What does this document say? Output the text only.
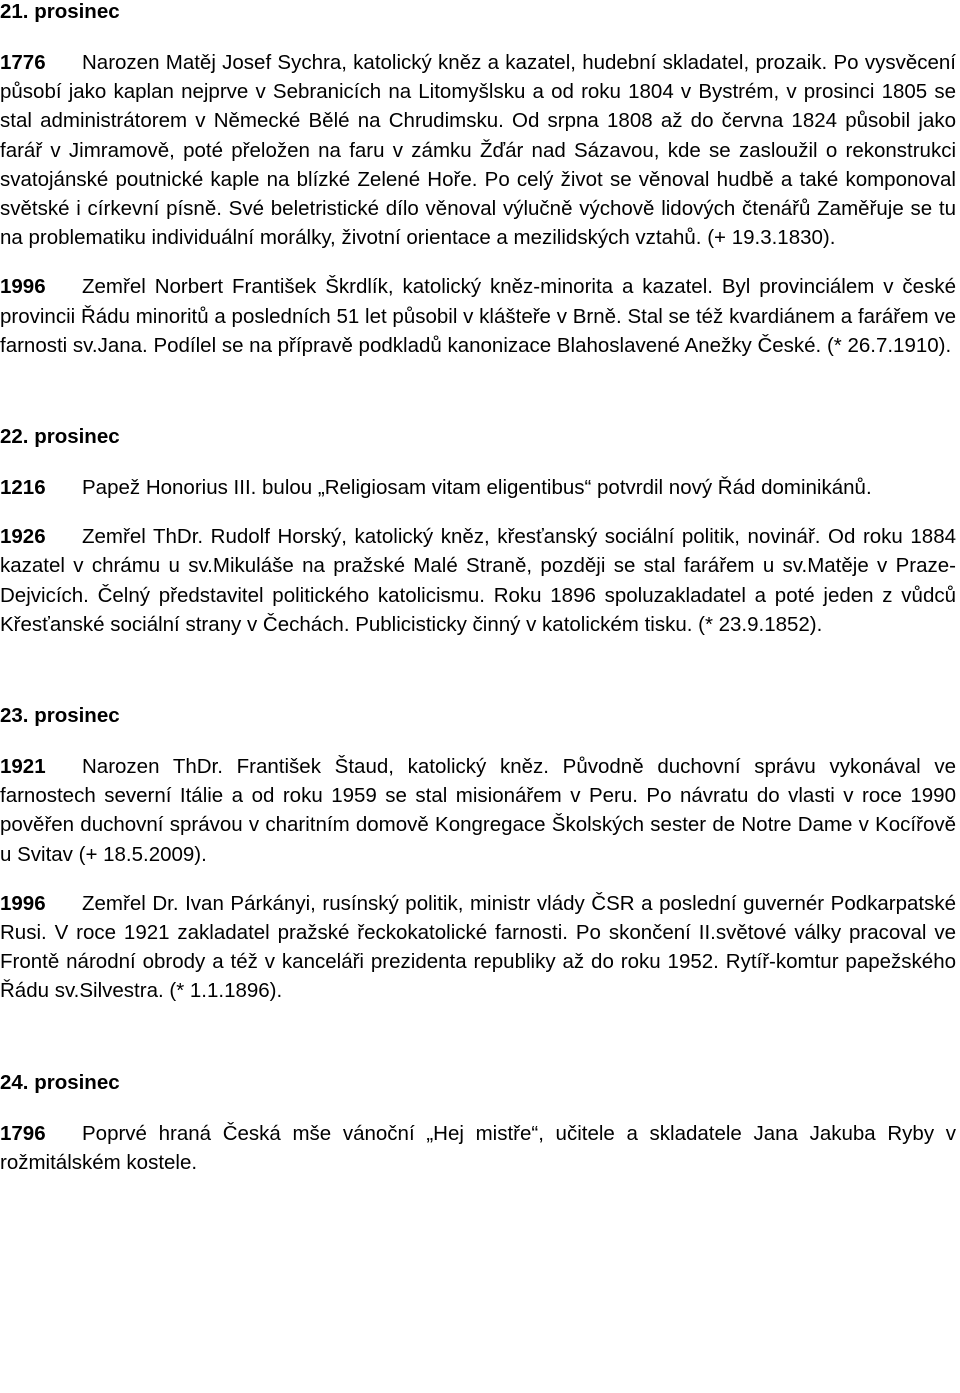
21. prosinec

1776 Narozen Matěj Josef Sychra, katolický kněz a kazatel, hudební skladatel, prozaik. Po vysvěcení působí jako kaplan nejprve v Sebranicích na Litomyšlsku a od roku 1804 v Bystrém, v prosinci 1805 se stal administrátorem v Německé Bělé na Chrudimsku. Od srpna 1808 až do června 1824 působil jako farář v Jimramově, poté přeložen na faru v zámku Žďár nad Sázavou, kde se zasloužil o rekonstrukci svatojánské poutnické kaple na blízké Zelené Hoře. Po celý život se věnoval hudbě a také komponoval světské i církevní písně. Své beletristické dílo věnoval výlučně výchově lidových čtenářů Zaměřuje se tu na problematiku individuální morálky, životní orientace a mezilidských vztahů. (+ 19.3.1830).

1996 Zemřel Norbert František Škrdlík, katolický kněz-minorita a kazatel. Byl provinciálem v české provincii Řádu minoritů a posledních 51 let působil v klášteře v Brně. Stal se též kvardiánem a farářem ve farnosti sv.Jana. Podílel se na přípravě podkladů kanonizace Blahoslavené Anežky České. (* 26.7.1910).

22. prosinec

1216 Papež Honorius III. bulou „Religiosam vitam eligentibus“ potvrdil nový Řád dominikánů.

1926 Zemřel ThDr. Rudolf Horský, katolický kněz, křesťanský sociální politik, novinář. Od roku 1884 kazatel v chrámu u sv.Mikuláše na pražské Malé Straně, později se stal farářem u sv.Matěje v Praze-Dejvicích. Čelný představitel politického katolicismu. Roku 1896 spoluzakladatel a poté jeden z vůdců Křesťanské sociální strany v Čechách. Publicisticky činný v katolickém tisku. (* 23.9.1852).

23. prosinec

1921 Narozen ThDr. František Štaud, katolický kněz. Původně duchovní správu vykonával ve farnostech severní Itálie a od roku 1959 se stal misionářem v Peru. Po návratu do vlasti v roce 1990 pověřen duchovní správou v charitním domově Kongregace Školských sester de Notre Dame v Kocířově u Svitav (+ 18.5.2009).

1996 Zemřel Dr. Ivan Párkányi, rusínský politik, ministr vlády ČSR a poslední guvernér Podkarpatské Rusi. V roce 1921 zakladatel pražské řeckokatolické farnosti. Po skončení II.světové války pracoval ve Frontě národní obrody a též v kanceláři prezidenta republiky až do roku 1952. Rytíř-komtur papežského Řádu sv.Silvestra. (* 1.1.1896).

24. prosinec

1796 Poprvé hraná Česká mše vánoční „Hej mistře“, učitele a skladatele Jana Jakuba Ryby v rožmitálském kostele.
